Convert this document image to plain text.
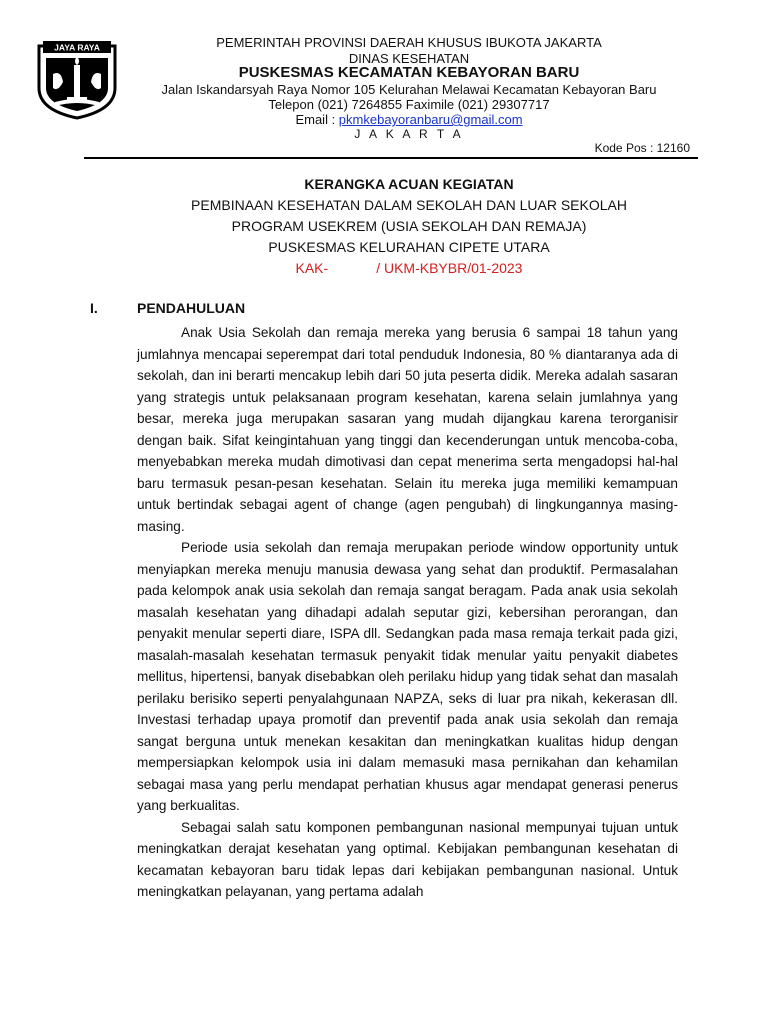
JAYA RAYA	PEMERINTAH PROVINSI DAERAH KHUSUS IBUKOTA JAKARTA
DINAS KESEHATAN
PUSKESMAS KECAMATAN KEBAYORAN BARU
Jalan Iskandarsyah Raya Nomor 105 Kelurahan Melawai Kecamatan Kebayoran Baru
Telepon (021) 7264855 Faximile (021) 29307717
Email : pkmkebayoranbaru@gmail.com
J A K A R T A
Kode Pos : 12160
KERANGKA ACUAN KEGIATAN
PEMBINAAN KESEHATAN DALAM SEKOLAH DAN LUAR SEKOLAH
PROGRAM USEKREM (USIA SEKOLAH DAN REMAJA)
PUSKESMAS KELURAHAN CIPETE UTARA
KAK-	/ UKM-KBYBR/01-2023
I.	PENDAHULUAN

Anak Usia Sekolah dan remaja mereka yang berusia 6 sampai 18 tahun yang jumlahnya mencapai seperempat dari total penduduk Indonesia, 80 % diantaranya ada di sekolah, dan ini berarti mencakup lebih dari 50 juta peserta didik. Mereka adalah sasaran yang strategis untuk pelaksanaan program kesehatan, karena selain jumlahnya yang besar, mereka juga merupakan sasaran yang mudah dijangkau karena terorganisir dengan baik. Sifat keingintahuan yang tinggi dan kecenderungan untuk mencoba-coba, menyebabkan mereka mudah dimotivasi dan cepat menerima serta mengadopsi hal-hal baru termasuk pesan-pesan kesehatan. Selain itu mereka juga memiliki kemampuan untuk bertindak sebagai agent of change (agen pengubah) di lingkungannya masing-masing.

Periode usia sekolah dan remaja merupakan periode window opportunity untuk menyiapkan mereka menuju manusia dewasa yang sehat dan produktif. Permasalahan pada kelompok anak usia sekolah dan remaja sangat beragam. Pada anak usia sekolah masalah kesehatan yang dihadapi adalah seputar gizi, kebersihan perorangan, dan penyakit menular seperti diare, ISPA dll. Sedangkan pada masa remaja terkait pada gizi, masalah-masalah kesehatan termasuk penyakit tidak menular yaitu penyakit diabetes mellitus, hipertensi, banyak disebabkan oleh perilaku hidup yang tidak sehat dan masalah perilaku berisiko seperti penyalahgunaan NAPZA, seks di luar pra nikah, kekerasan dll. Investasi terhadap upaya promotif dan preventif pada anak usia sekolah dan remaja sangat berguna untuk menekan kesakitan dan meningkatkan kualitas hidup dengan mempersiapkan kelompok usia ini dalam memasuki masa pernikahan dan kehamilan sebagai masa yang perlu mendapat perhatian khusus agar mendapat generasi penerus yang berkualitas.

Sebagai salah satu komponen pembangunan nasional mempunyai tujuan untuk meningkatkan derajat kesehatan yang optimal. Kebijakan pembangunan kesehatan di kecamatan kebayoran baru tidak lepas dari kebijakan pembangunan nasional. Untuk meningkatkan pelayanan, yang pertama adalah
